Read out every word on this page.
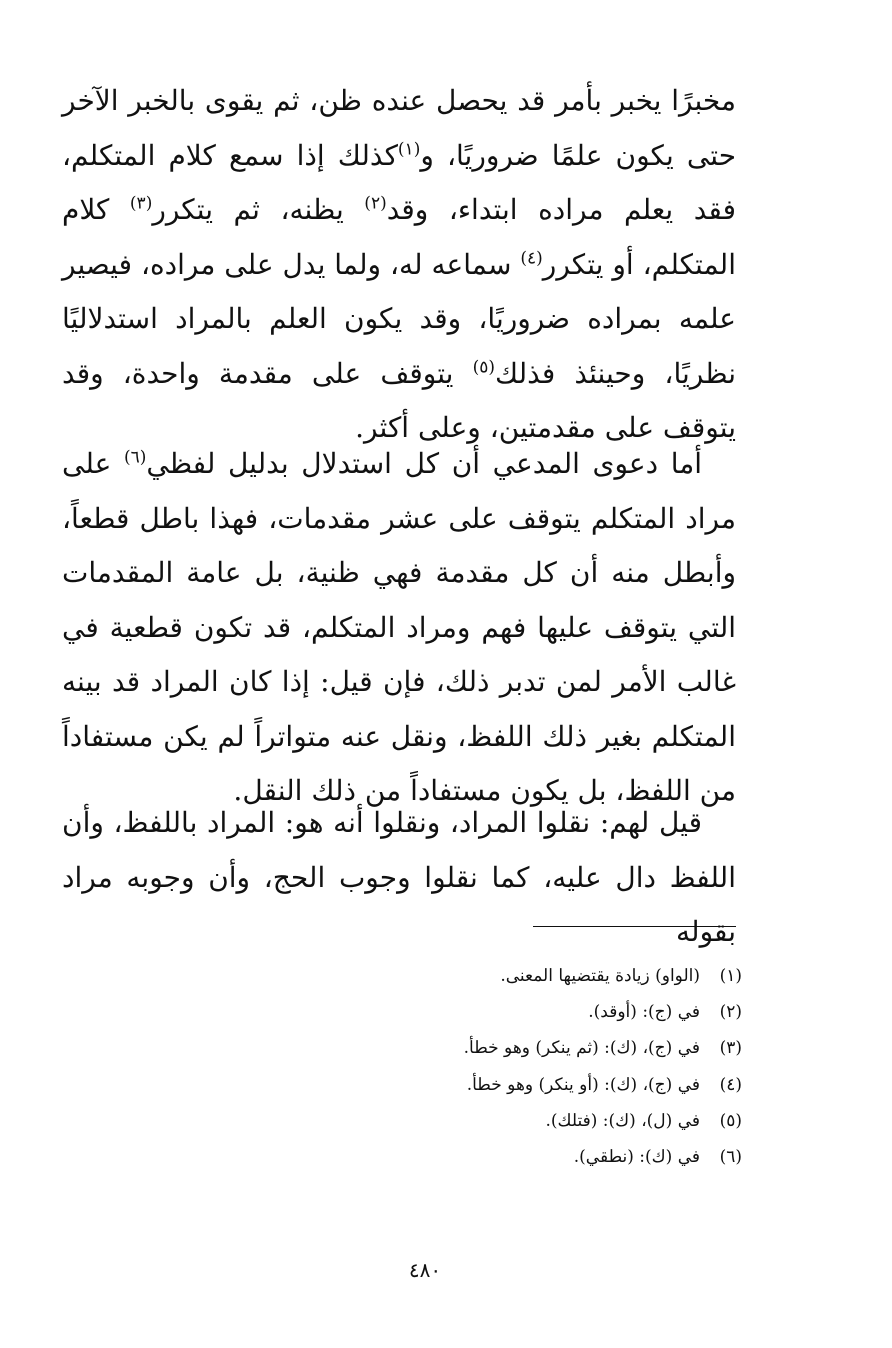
مخبرًا يخبر بأمر قد يحصل عنده ظن، ثم يقوى بالخبر الآخر حتى يكون علمًا ضروريًا، و$^{(١)}$كذلك إذا سمع كلام المتكلم، فقد يعلم مراده ابتداء، وقد$^{(٢)}$ يظنه، ثم يتكرر$^{(٣)}$ كلام المتكلم، أو يتكرر$^{(٤)}$ سماعه له، ولما يدل على مراده، فيصير علمه بمراده ضروريًا، وقد يكون العلم بالمراد استدلاليًا نظريًا، وحينئذ فذلك$^{(٥)}$ يتوقف على مقدمة واحدة، وقد يتوقف على مقدمتين، وعلى أكثر.

أما دعوى المدعي أن كل استدلال بدليل لفظي$^{(٦)}$ على مراد المتكلم يتوقف على عشر مقدمات، فهذا باطل قطعاً، وأبطل منه أن كل مقدمة فهي ظنية، بل عامة المقدمات التي يتوقف عليها فهم ومراد المتكلم، قد تكون قطعية في غالب الأمر لمن تدبر ذلك، فإن قيل: إذا كان المراد قد بينه المتكلم بغير ذلك اللفظ، ونقل عنه متواتراً لم يكن مستفاداً من اللفظ، بل يكون مستفاداً من ذلك النقل.

قيل لهم: نقلوا المراد، ونقلوا أنه هو: المراد باللفظ، وأن اللفظ دال عليه، كما نقلوا وجوب الحج، وأن وجوبه مراد بقوله

(١)
(الواو) زيادة يقتضيها المعنى.
(٢)
في (ج): (أوقد).
(٣)
في (ج)، (ك): (ثم ينكر) وهو خطأ.
(٤)
في (ج)، (ك): (أو ينكر) وهو خطأ.
(٥)
في (ل)، (ك): (فتلك).
(٦)
في (ك): (نطقي).
٤٨٠
